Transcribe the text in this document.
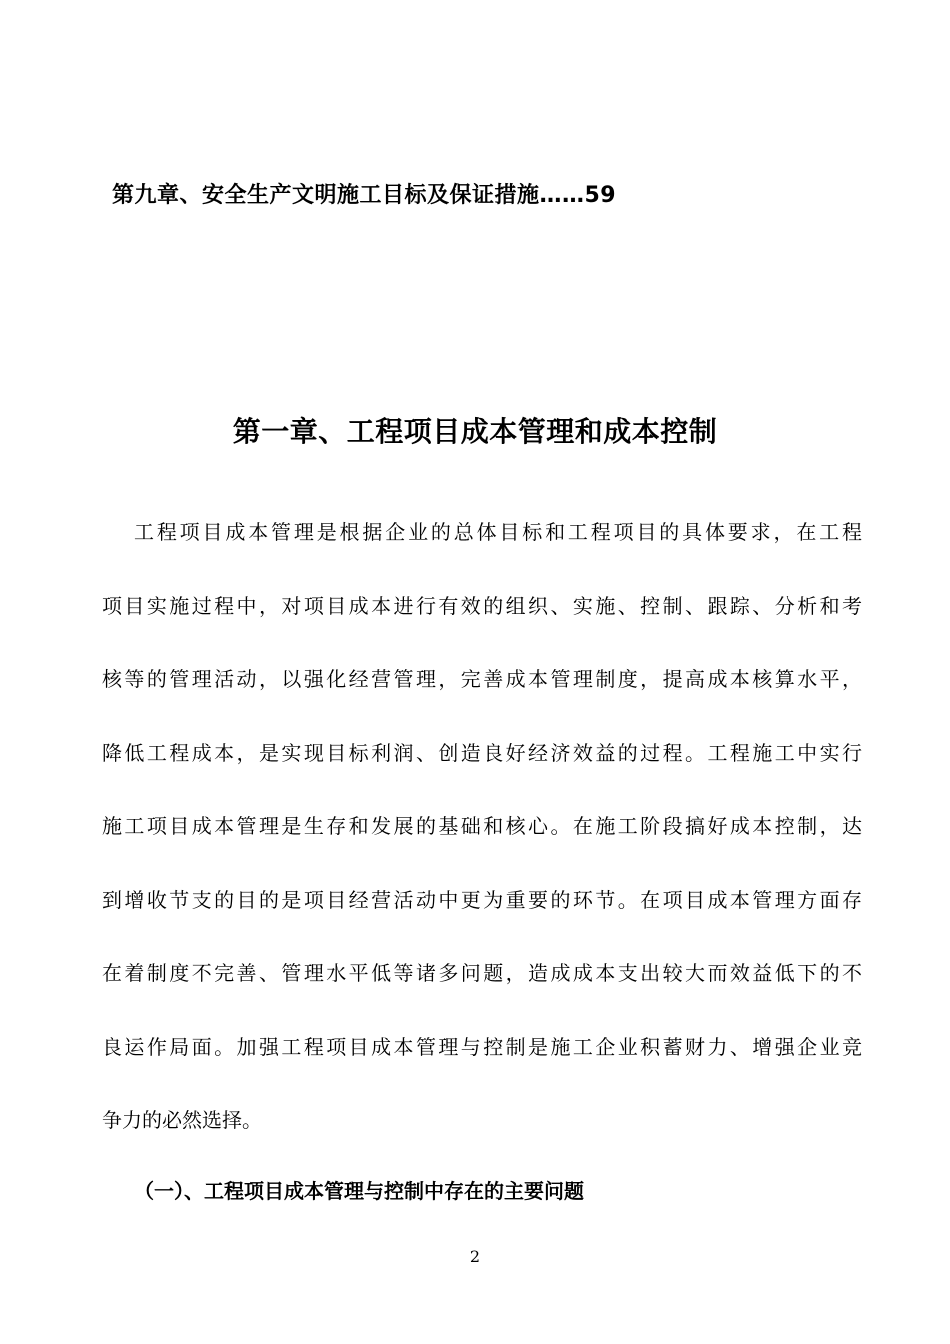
第九章、安全生产文明施工目标及保证措施……59
第一章、工程项目成本管理和成本控制
工程项目成本管理是根据企业的总体目标和工程项目的具体要求，在工程
项目实施过程中，对项目成本进行有效的组织、实施、控制、跟踪、分析和考
核等的管理活动，以强化经营管理，完善成本管理制度，提高成本核算水平，
降低工程成本，是实现目标利润、创造良好经济效益的过程。工程施工中实行
施工项目成本管理是生存和发展的基础和核心。在施工阶段搞好成本控制，达
到增收节支的目的是项目经营活动中更为重要的环节。在项目成本管理方面存
在着制度不完善、管理水平低等诸多问题，造成成本支出较大而效益低下的不
良运作局面。加强工程项目成本管理与控制是施工企业积蓄财力、增强企业竞
争力的必然选择。
（一）、工程项目成本管理与控制中存在的主要问题
2
